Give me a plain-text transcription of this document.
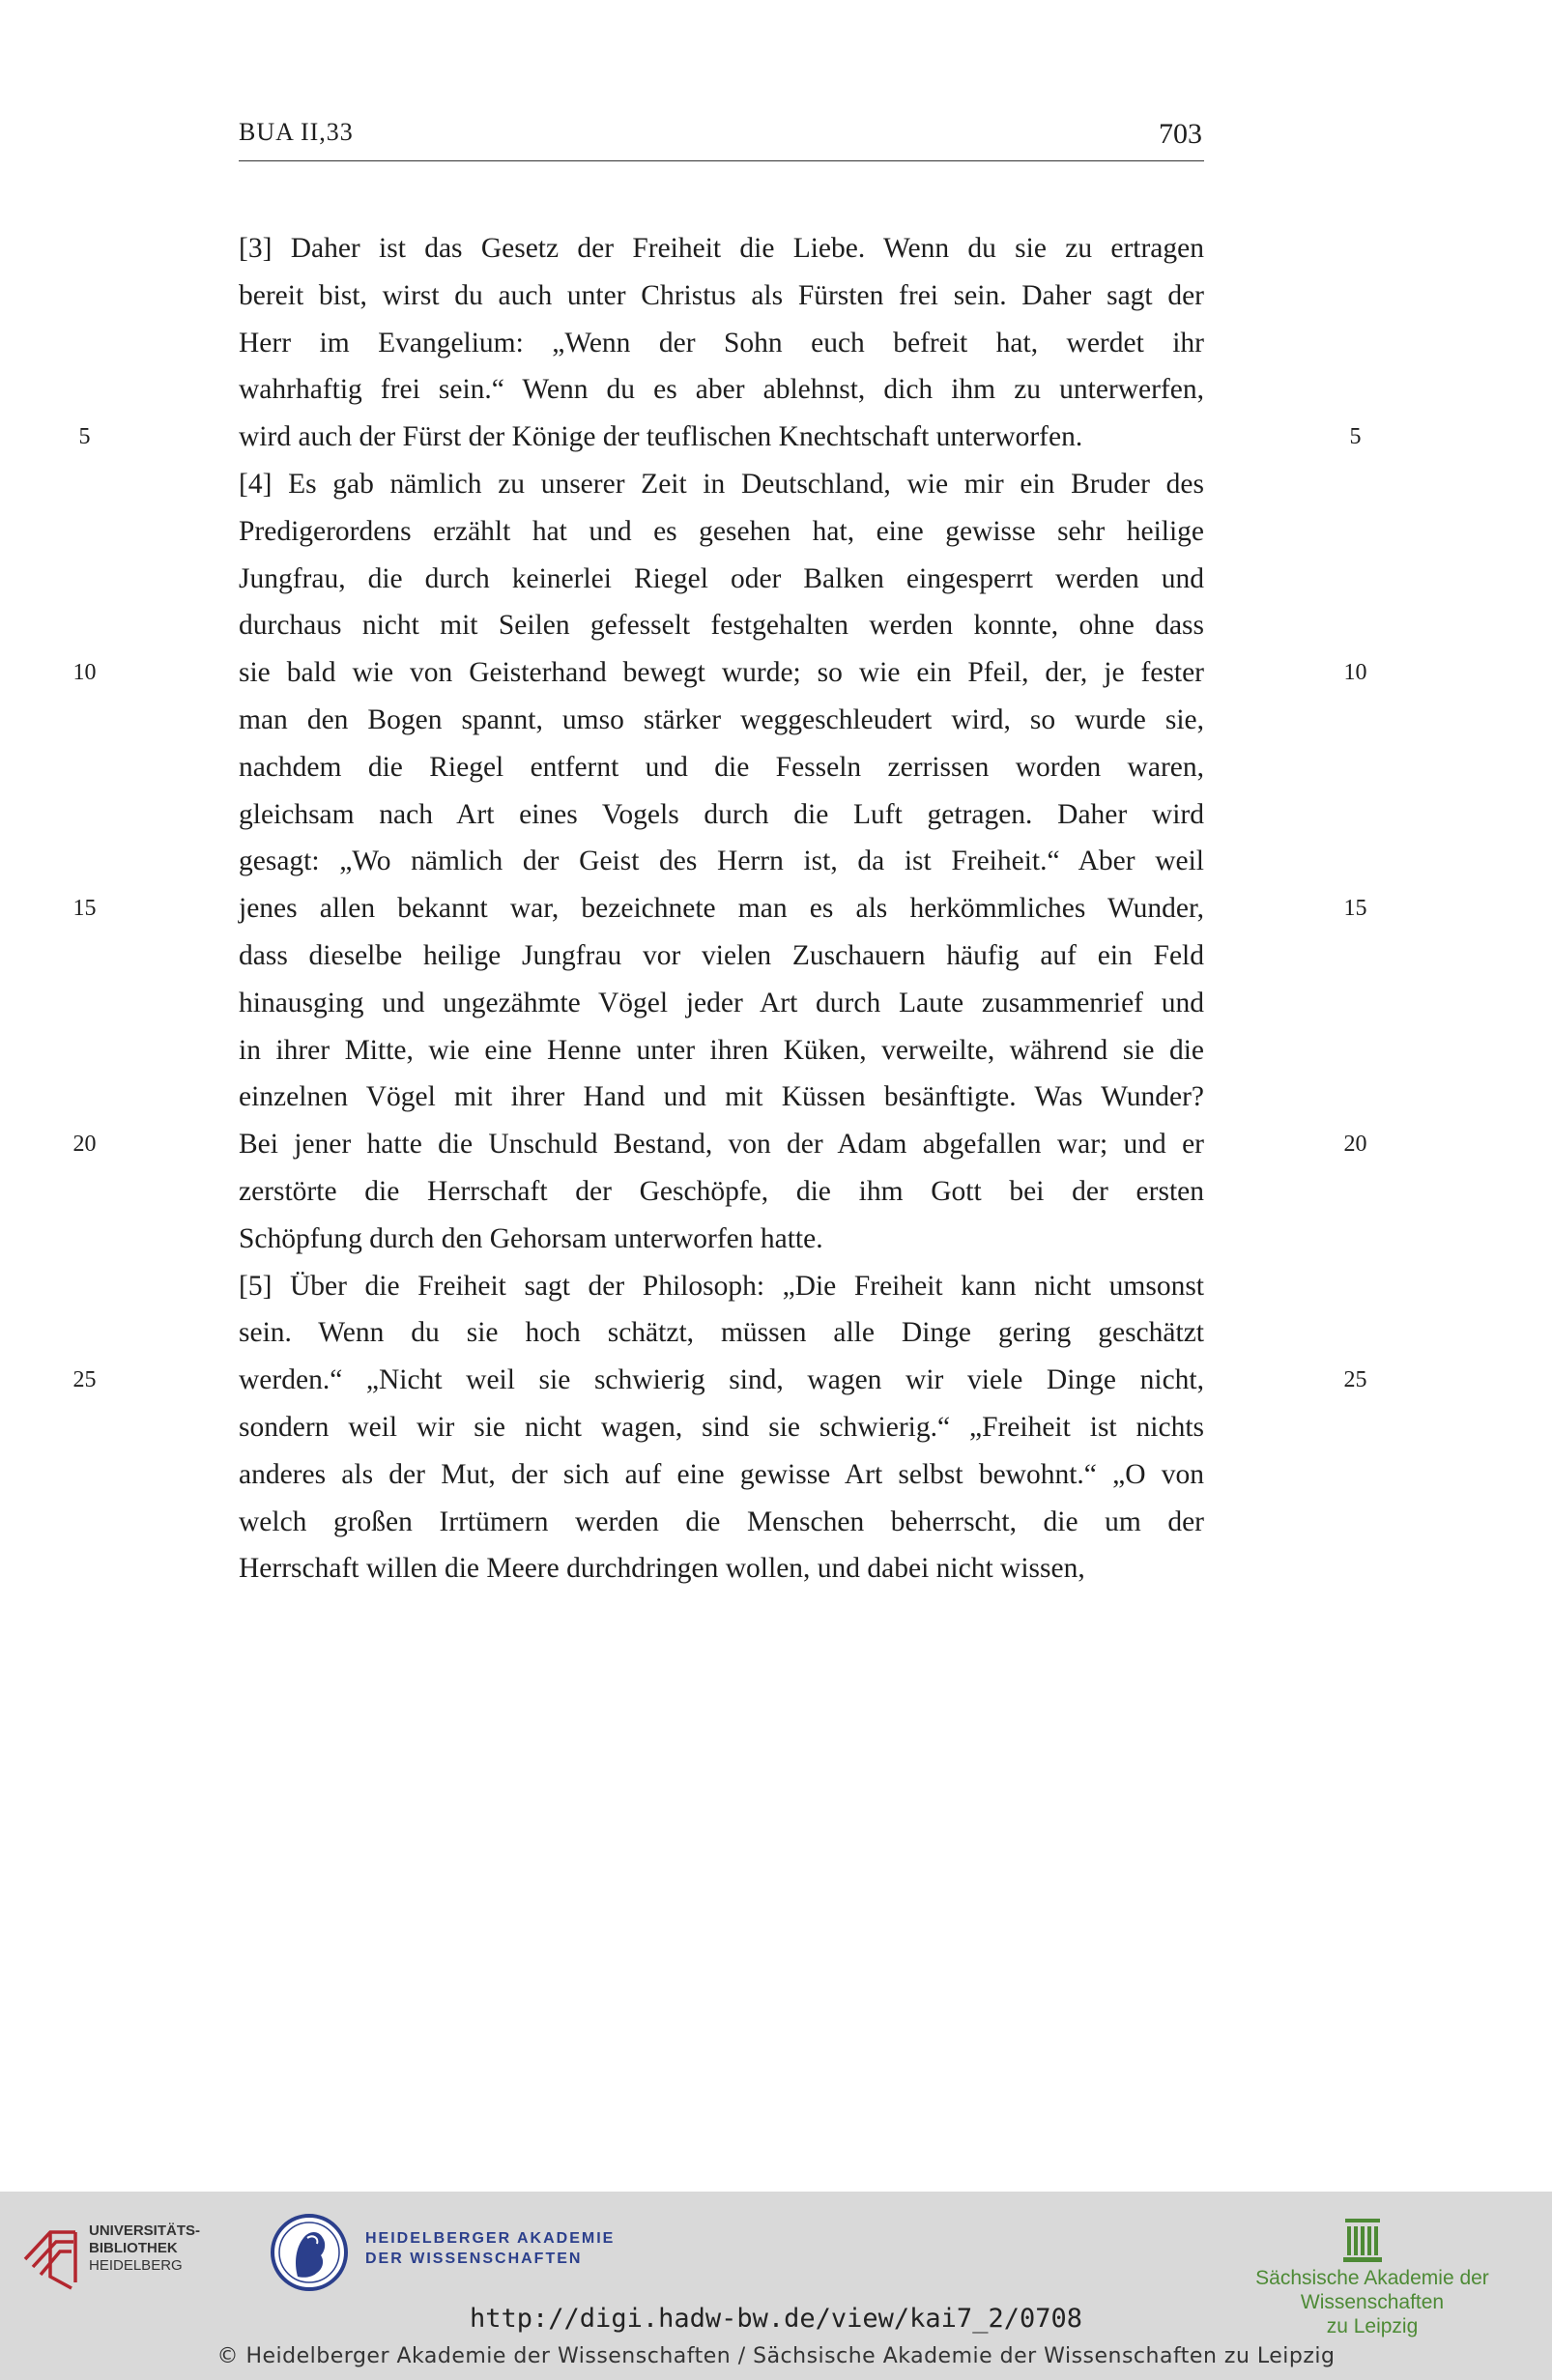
BUA II,33	703
[3] Daher ist das Gesetz der Freiheit die Liebe. Wenn du sie zu ertragen
bereit bist, wirst du auch unter Christus als Fürsten frei sein. Daher sagt der
Herr im Evangelium: „Wenn der Sohn euch befreit hat, werdet ihr
wahrhaftig frei sein.“ Wenn du es aber ablehnst, dich ihm zu unterwerfen,
wird auch der Fürst der Könige der teuflischen Knechtschaft unterworfen.
[4] Es gab nämlich zu unserer Zeit in Deutschland, wie mir ein Bruder des
Predigerordens erzählt hat und es gesehen hat, eine gewisse sehr heilige
Jungfrau, die durch keinerlei Riegel oder Balken eingesperrt werden und
durchaus nicht mit Seilen gefesselt festgehalten werden konnte, ohne dass
sie bald wie von Geisterhand bewegt wurde; so wie ein Pfeil, der, je fester
man den Bogen spannt, umso stärker weggeschleudert wird, so wurde sie,
nachdem die Riegel entfernt und die Fesseln zerrissen worden waren,
gleichsam nach Art eines Vogels durch die Luft getragen. Daher wird
gesagt: „Wo nämlich der Geist des Herrn ist, da ist Freiheit.“ Aber weil
jenes allen bekannt war, bezeichnete man es als herkömmliches Wunder,
dass dieselbe heilige Jungfrau vor vielen Zuschauern häufig auf ein Feld
hinausging und ungezähmte Vögel jeder Art durch Laute zusammenrief und
in ihrer Mitte, wie eine Henne unter ihren Küken, verweilte, während sie die
einzelnen Vögel mit ihrer Hand und mit Küssen besänftigte. Was Wunder?
Bei jener hatte die Unschuld Bestand, von der Adam abgefallen war; und er
zerstörte die Herrschaft der Geschöpfe, die ihm Gott bei der ersten
Schöpfung durch den Gehorsam unterworfen hatte.
[5] Über die Freiheit sagt der Philosoph: „Die Freiheit kann nicht umsonst
sein. Wenn du sie hoch schätzt, müssen alle Dinge gering geschätzt
werden.“ „Nicht weil sie schwierig sind, wagen wir viele Dinge nicht,
sondern weil wir sie nicht wagen, sind sie schwierig.“ „Freiheit ist nichts
anderes als der Mut, der sich auf eine gewisse Art selbst bewohnt.“ „O von
welch großen Irrtümern werden die Menschen beherrscht, die um der
Herrschaft willen die Meere durchdringen wollen, und dabei nicht wissen,
5	5
10	10
15	15
20	20
25	25
UNIVERSITÄTS-
BIBLIOTHEK
HEIDELBERG
HEIDELBERGER AKADEMIE
DER WISSENSCHAFTEN
Sächsische Akademie der Wissenschaften
zu Leipzig
http://digi.hadw-bw.de/view/kai7_2/0708
© Heidelberger Akademie der Wissenschaften / Sächsische Akademie der Wissenschaften zu Leipzig
